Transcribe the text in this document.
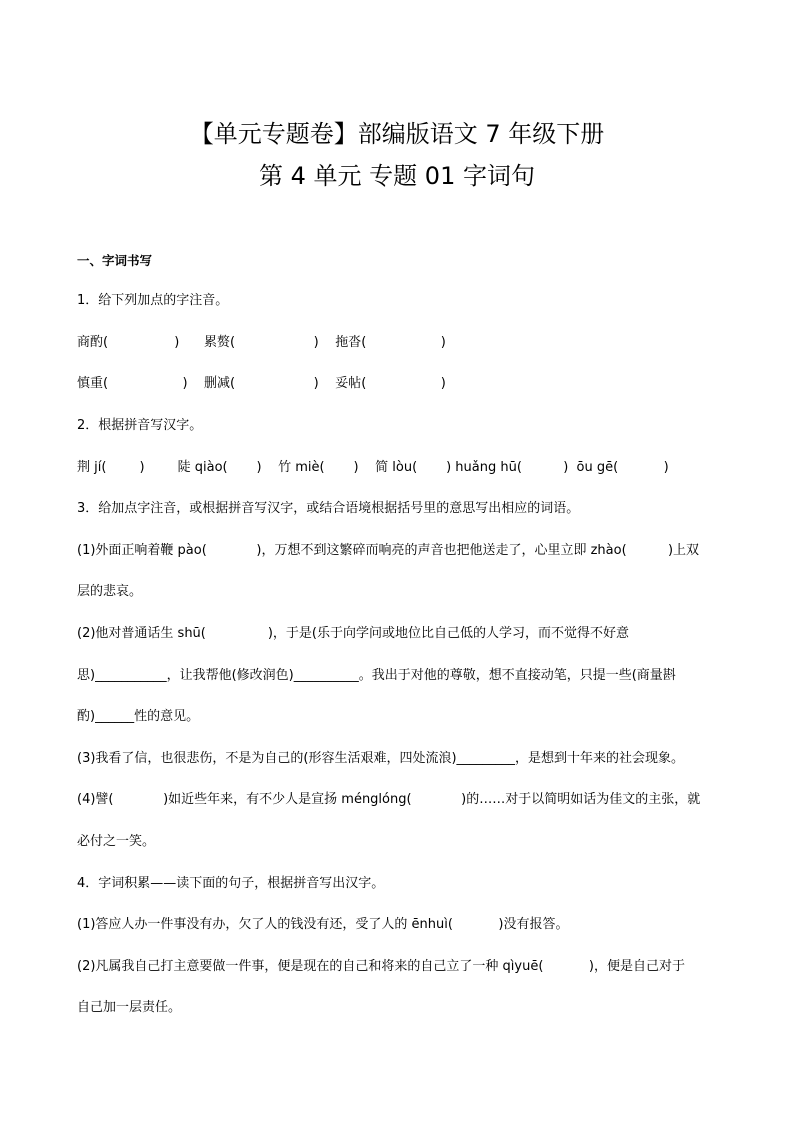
【单元专题卷】部编版语文 7 年级下册
第 4 单元 专题 01 字词句
一、字词书写
1．给下列加点的字注音。
商酌(                )      累赘(                   )    拖沓(                  )
慎重(                  )    删减(                   )    妥帖(                  )
2．根据拼音写汉字。
荆 jí(        )        陡 qiào(       )    竹 miè(       )    简 lòu(       ) huǎng hū(          )  ōu gē(           )
3．给加点字注音，或根据拼音写汉字，或结合语境根据括号里的意思写出相应的词语。
(1)外面正响着鞭 pào(            )，万想不到这繁碎而响亮的声音也把他送走了，心里立即 zhào(          )上双
层的悲哀。
(2)他对普通话生 shū(               )，于是(乐于向学问或地位比自己低的人学习，而不觉得不好意
思)___________，让我帮他(修改润色)__________。我出于对他的尊敬，想不直接动笔，只提一些(商量斟
酌)______性的意见。
(3)我看了信，也很悲伤，不是为自己的(形容生活艰难，四处流浪)_________，是想到十年来的社会现象。
(4)譬(            )如近些年来，有不少人是宣扬 ménglóng(            )的……对于以简明如话为佳文的主张，就
必付之一笑。
4．字词积累——读下面的句子，根据拼音写出汉字。
(1)答应人办一件事没有办，欠了人的钱没有还，受了人的 ēnhuì(           )没有报答。
(2)凡属我自己打主意要做一件事，便是现在的自己和将来的自己立了一种 qìyuē(           )，便是自己对于
自己加一层责任。
